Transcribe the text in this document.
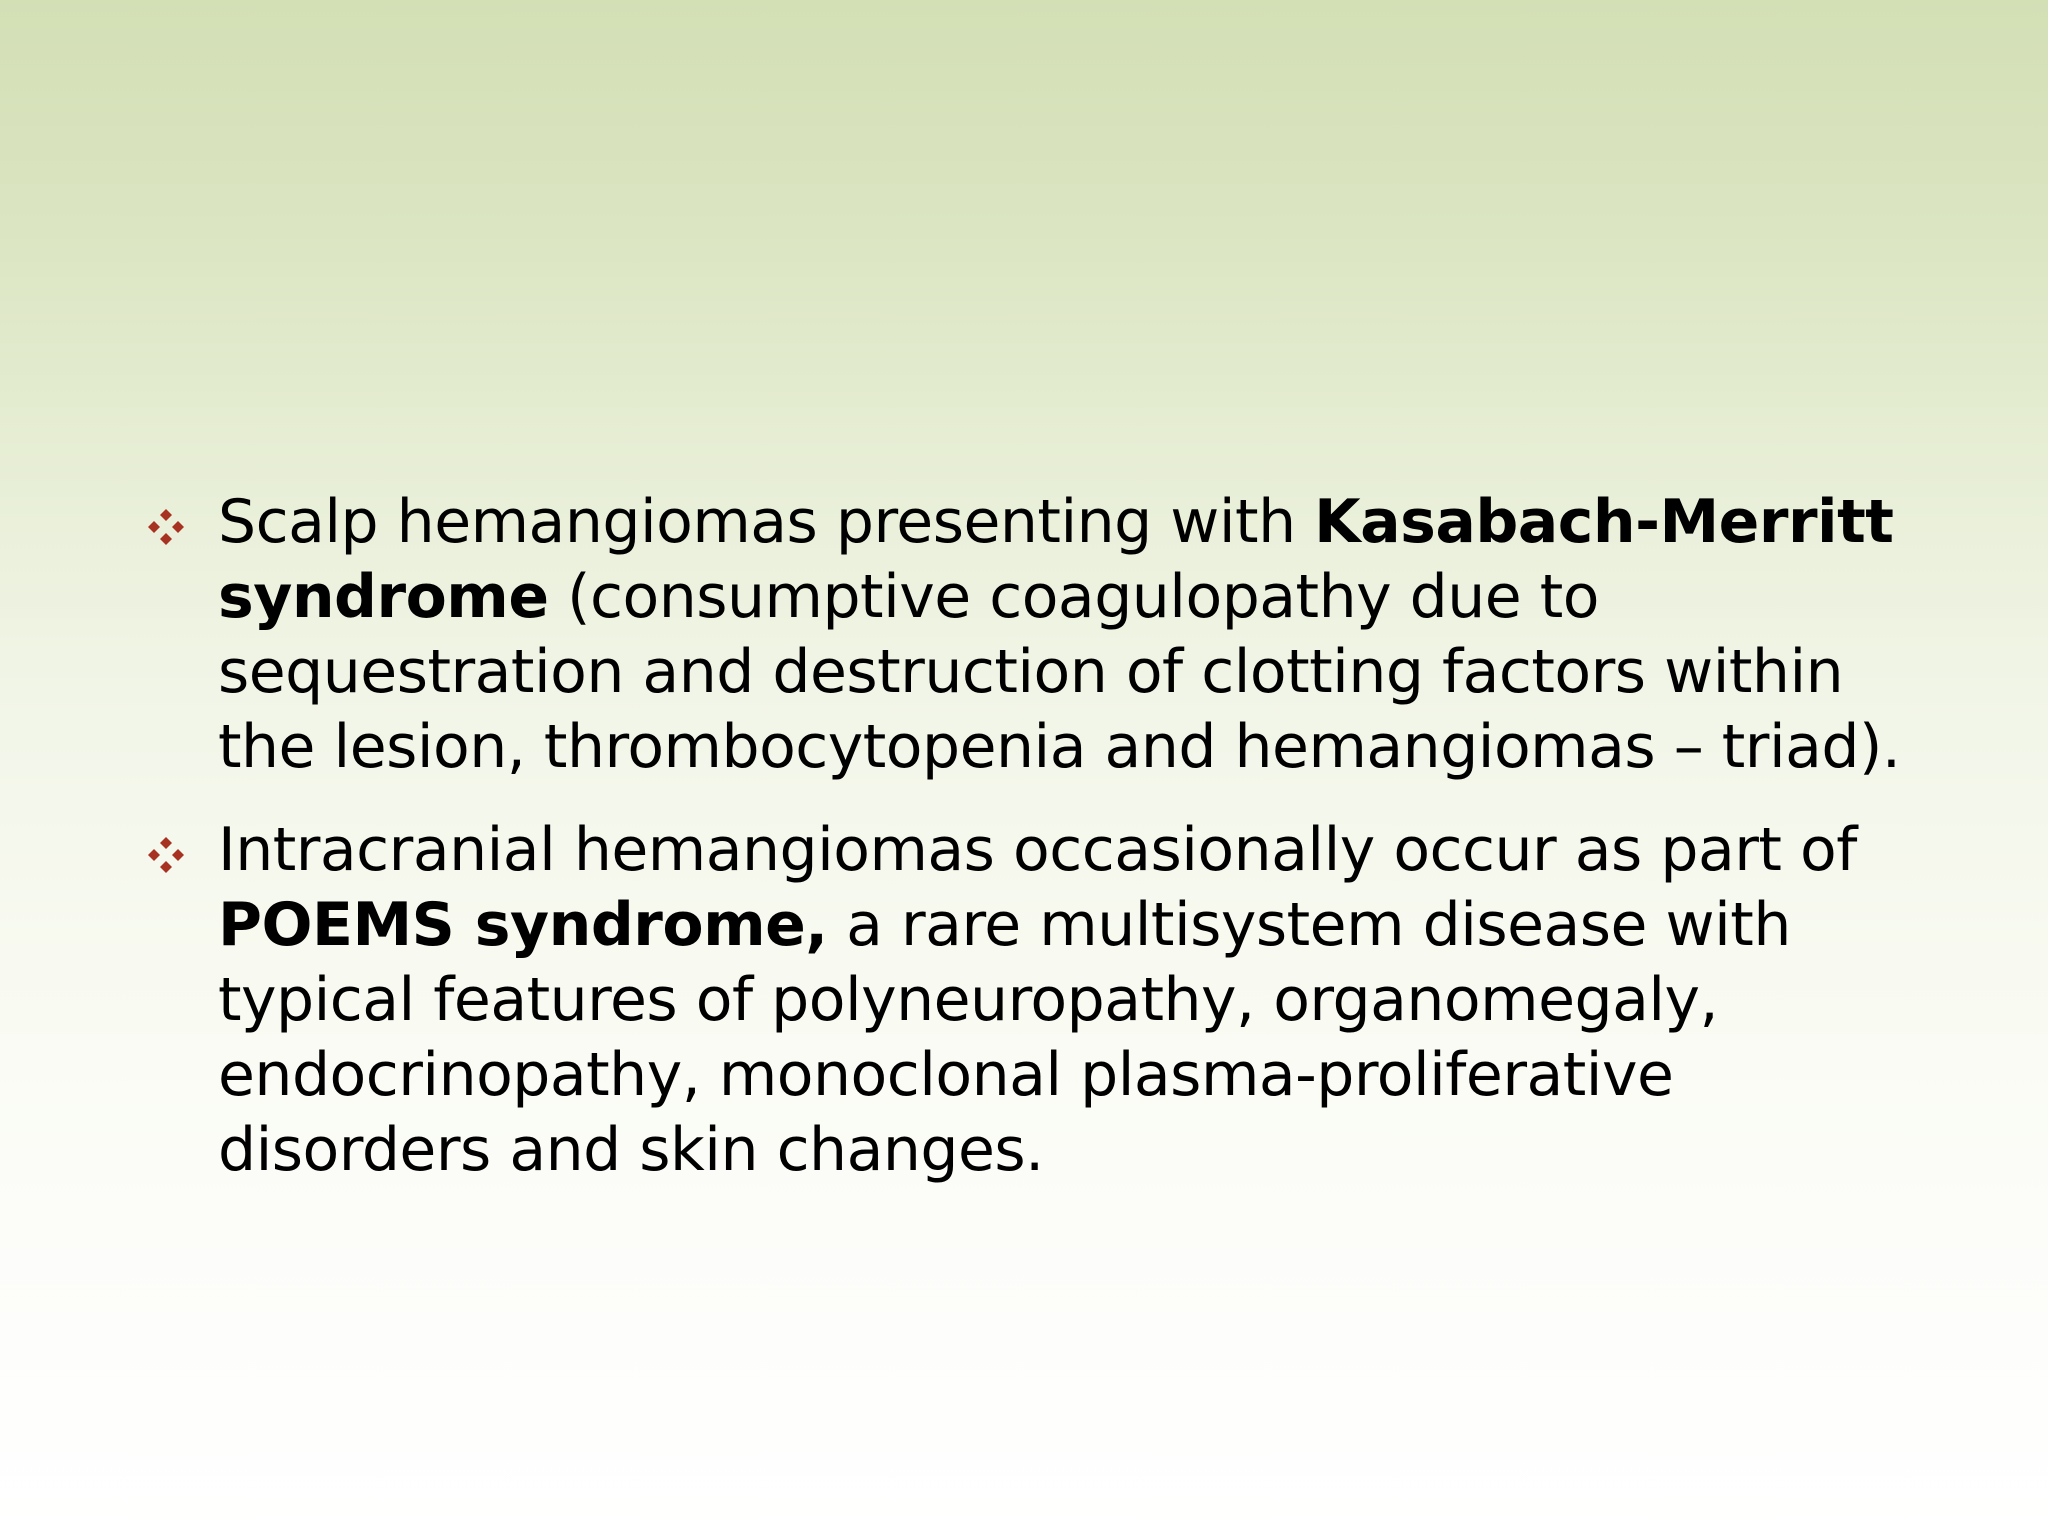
Scalp hemangiomas presenting with Kasabach-Merritt syndrome (consumptive coagulopathy due to sequestration and destruction of clotting factors within the lesion, thrombocytopenia and hemangiomas – triad).
Intracranial hemangiomas occasionally occur as part of POEMS syndrome, a rare multisystem disease with typical features of polyneuropathy, organomegaly, endocrinopathy, monoclonal plasma-proliferative disorders and skin changes.
